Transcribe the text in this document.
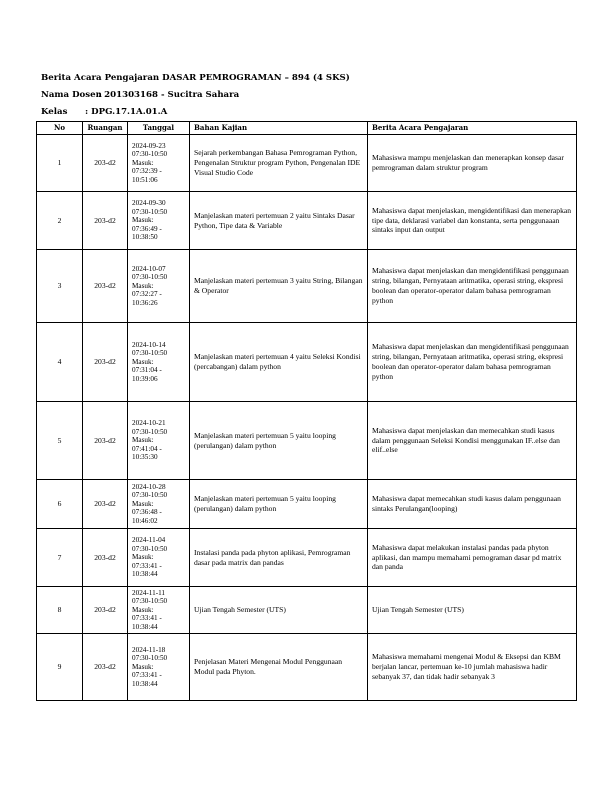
Berita Acara Pengajaran DASAR PEMROGRAMAN – 894 (4 SKS)

Nama Dosen: 201303168 - Sucitra Sahara

Kelas : DPG.17.1A.01.A

No	Ruangan	Tanggal	Bahan Kajian	Berita Acara Pengajaran
1	203-d2	2024-09-23
07:30-10:50
Masuk:
07:32:39 -
10:51:06	Sejarah perkembangan Bahasa Pemrograman Python, Pengenalan Struktur program Python, Pengenalan IDE Visual Studio Code	Mahasiswa mampu menjelaskan dan menerapkan konsep dasar pemrograman dalam struktur program

2	203-d2	2024-09-30
07:30-10:50
Masuk:
07:36:49 -
10:38:50	Manjelaskan materi pertemuan 2 yaitu Sintaks Dasar Python, Tipe data & Variable	Mahasiswa dapat menjelaskan, mengidentifikasi dan menerapkan tipe data, deklarasi variabel dan konstanta, serta penggunaaan sintaks input dan output

3	203-d2	2024-10-07
07:30-10:50
Masuk:
07:32:27 -
10:36:26	Manjelaskan materi pertemuan 3 yaitu String, Bilangan & Operator	Mahasiswa dapat menjelaskan dan mengidentifikasi penggunaan string, bilangan, Pernyataan aritmatika, operasi string, ekspresi boolean dan operator-operator dalam bahasa pemrograman python

4	203-d2	2024-10-14
07:30-10:50
Masuk:
07:31:04 -
10:39:06	Manjelaskan materi pertemuan 4 yaitu Seleksi Kondisi (percabangan) dalam python	Mahasiswa dapat menjelaskan dan mengidentifikasi penggunaan string, bilangan, Pernyataan aritmatika, operasi string, ekspresi boolean dan operator-operator dalam bahasa pemrograman python

5	203-d2	2024-10-21
07:30-10:50
Masuk:
07:41:04 -
10:35:30	Manjelaskan materi pertemuan 5 yaitu looping (perulangan) dalam python	Mahasiswa dapat menjelaskan dan memecahkan studi kasus dalam penggunaan Seleksi Kondisi menggunakan IF..else dan elif..else

6	203-d2	2024-10-28
07:30-10:50
Masuk:
07:36:48 -
10:46:02	Manjelaskan materi pertemuan 5 yaitu looping (perulangan) dalam python	Mahasiswa dapat memecahkan studi kasus dalam penggunaan sintaks Perulangan(looping)

7	203-d2	2024-11-04
07:30-10:50
Masuk:
07:33:41 -
10:38:44	Instalasi panda pada phyton aplikasi, Pemrograman dasar pada matrix dan pandas	Mahasiswa dapat melakukan instalasi pandas pada phyton aplikasi, dan mampu memahami pemograman dasar pd matrix dan panda

8	203-d2	2024-11-11
07:30-10:50
Masuk:
07:33:41 -
10:38:44	Ujian Tengah Semester (UTS)	Ujian Tengah Semester (UTS)

9	203-d2	2024-11-18
07:30-10:50
Masuk:
07:33:41 -
10:38:44	Penjelasan Materi Mengenai Modul Penggunaan Modul pada Phyton.	Mahasiswa memahami mengenai Modul & Eksepsi dan KBM berjalan lancar, pertemuan ke-10 jumlah mahasiswa hadir sebanyak 37, dan tidak hadir sebanyak 3
